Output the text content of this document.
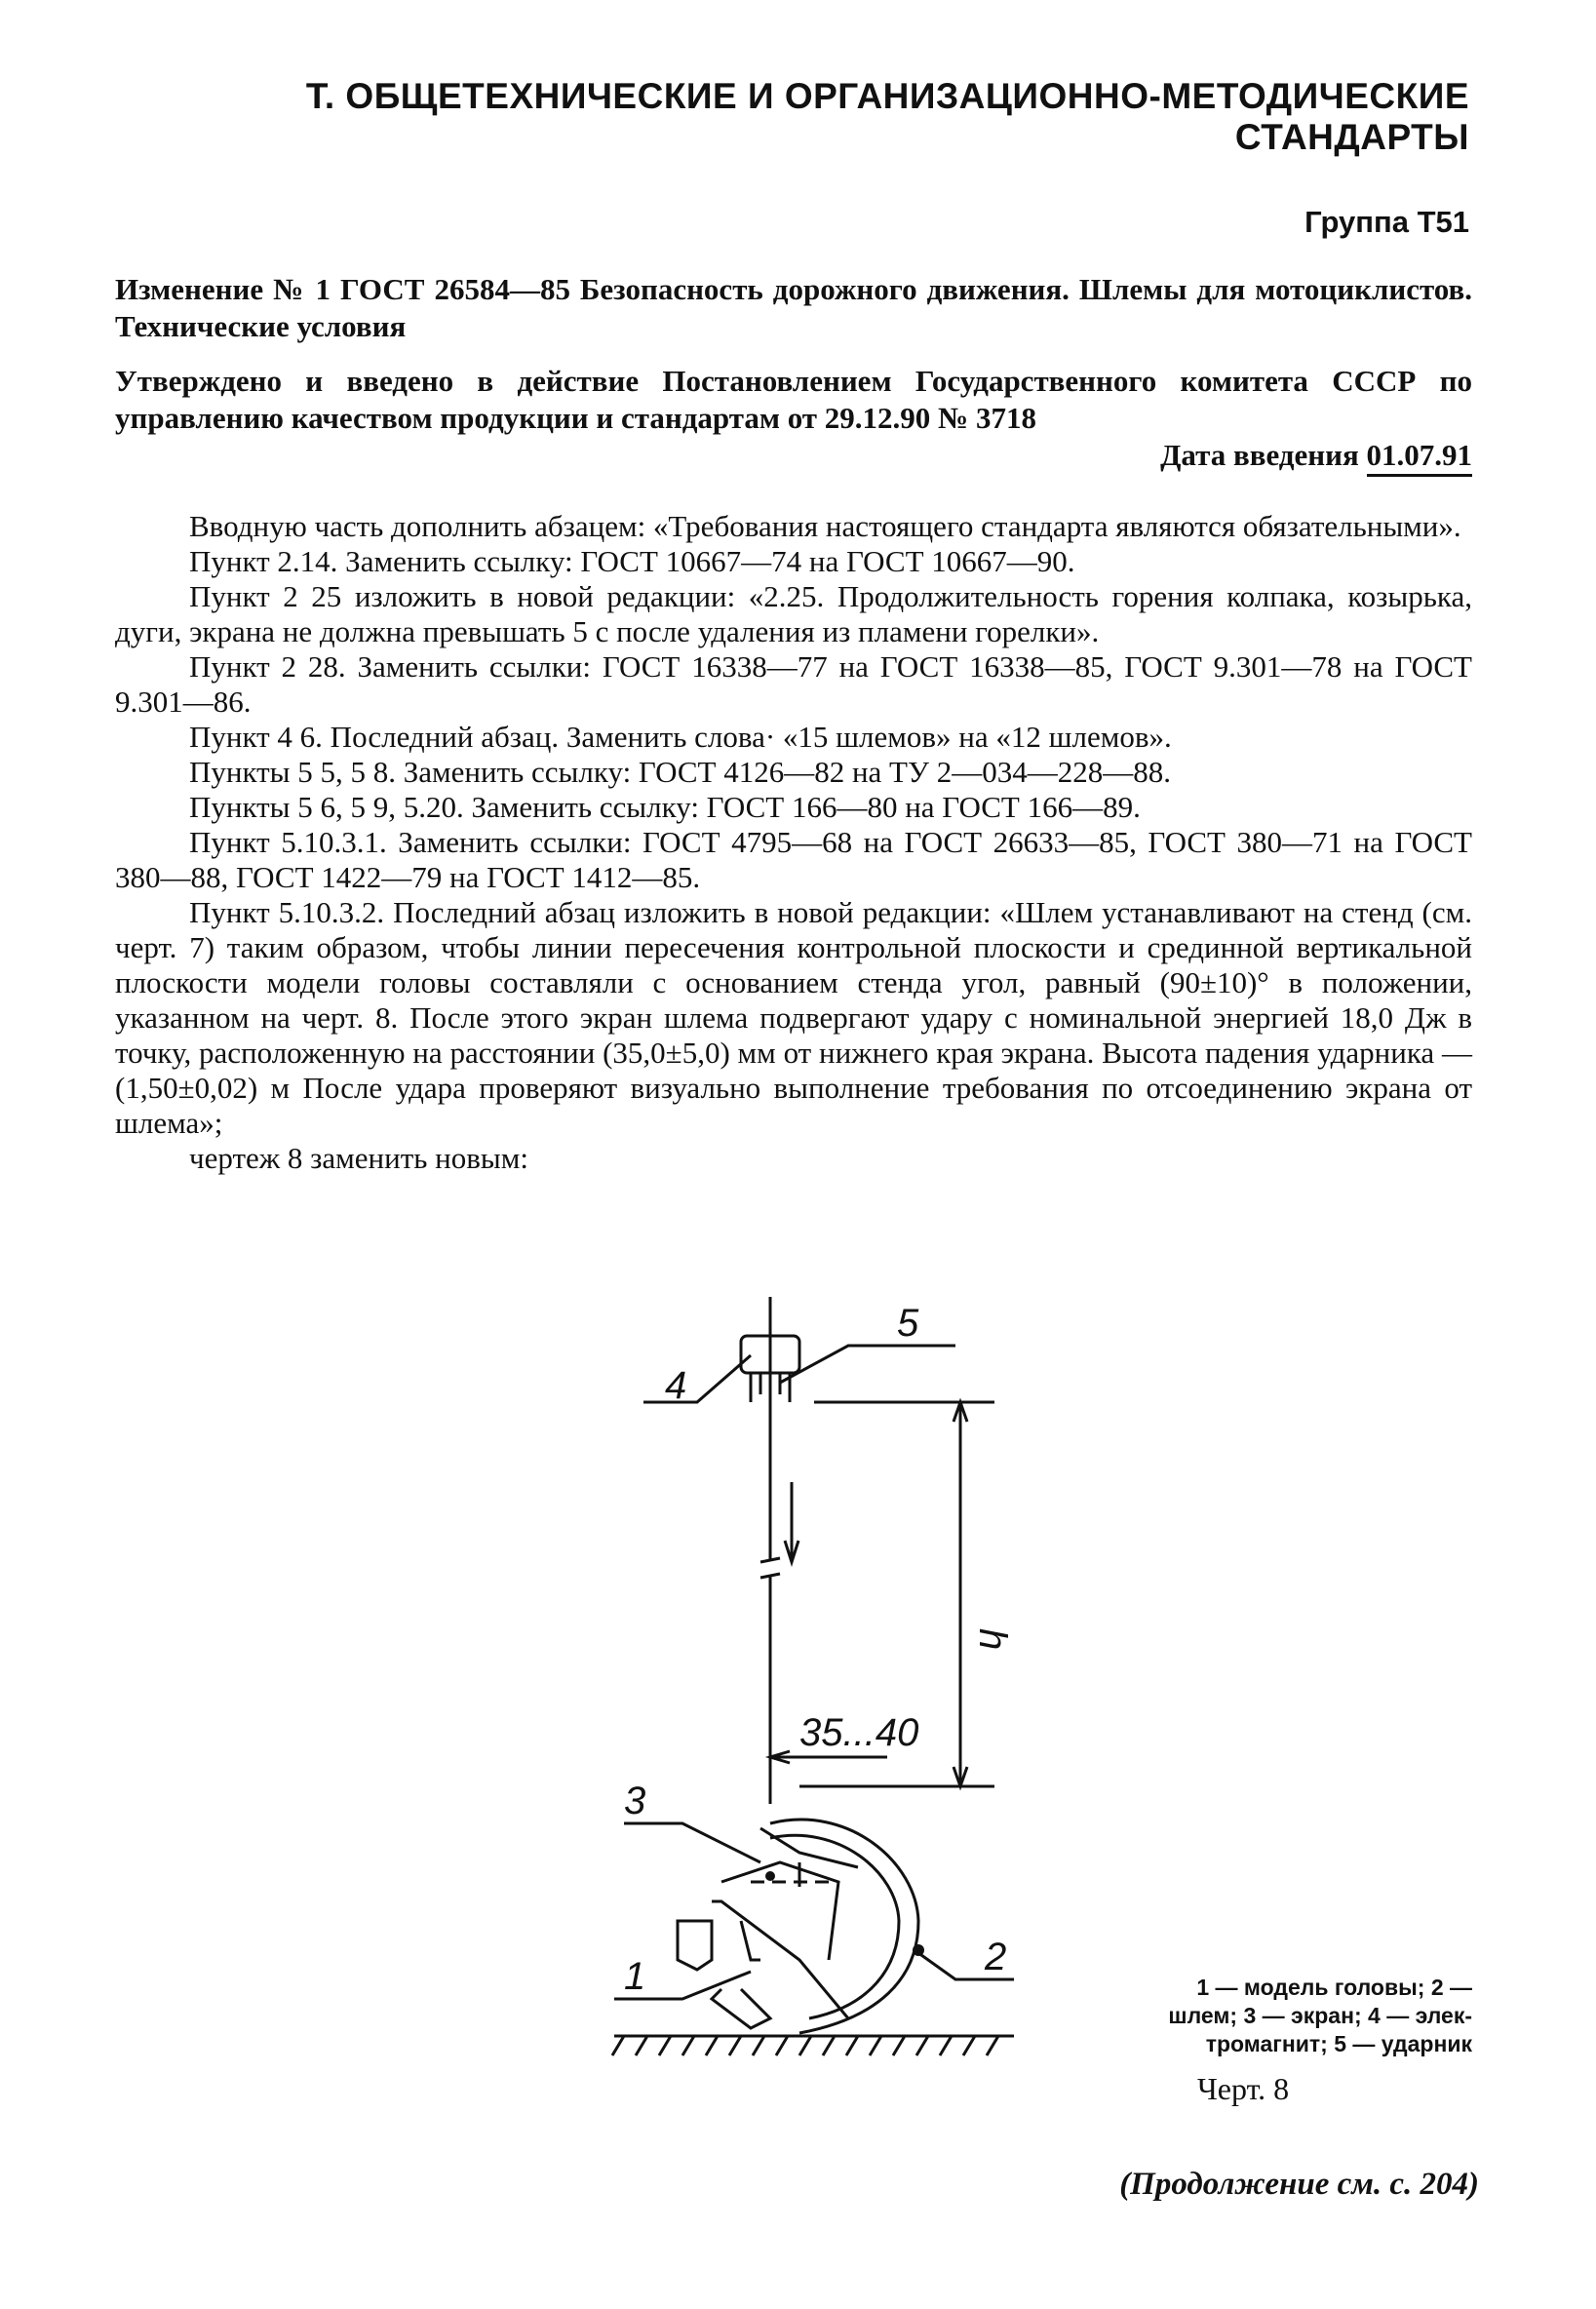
Т. ОБЩЕТЕХНИЧЕСКИЕ И ОРГАНИЗАЦИОННО-МЕТОДИЧЕСКИЕ
СТАНДАРТЫ
Группа Т51

Изменение № 1 ГОСТ 26584—85 Безопасность дорожного движения. Шлемы для мотоциклистов. Технические условия

Утверждено и введено в действие Постановлением Государственного комитета СССР по управлению качеством продукции и стандартам от 29.12.90 № 3718

Дата введения 01.07.91

Вводную часть дополнить абзацем: «Требования настоящего стандарта являются обязательными».

Пункт 2.14. Заменить ссылку: ГОСТ 10667—74 на ГОСТ 10667—90.

Пункт 2 25 изложить в новой редакции: «2.25. Продолжительность горения колпака, козырька, дуги, экрана не должна превышать 5 с после удаления из пламени горелки».

Пункт 2 28. Заменить ссылки: ГОСТ 16338—77 на ГОСТ 16338—85, ГОСТ 9.301—78 на ГОСТ 9.301—86.

Пункт 4 6. Последний абзац. Заменить слова· «15 шлемов» на «12 шлемов».

Пункты 5 5, 5 8. Заменить ссылку: ГОСТ 4126—82 на ТУ 2—034—228—88.

Пункты 5 6, 5 9, 5.20. Заменить ссылку: ГОСТ 166—80 на ГОСТ 166—89.

Пункт 5.10.3.1. Заменить ссылки: ГОСТ 4795—68 на ГОСТ 26633—85, ГОСТ 380—71 на ГОСТ 380—88, ГОСТ 1422—79 на ГОСТ 1412—85.

Пункт 5.10.3.2. Последний абзац изложить в новой редакции: «Шлем устанавливают на стенд (см. черт. 7) таким образом, чтобы линии пересечения контрольной плоскости и срединной вертикальной плоскости модели головы составляли с основанием стенда угол, равный (90±10)° в положении, указанном на черт. 8. После этого экран шлема подвергают удару с номинальной энергией 18,0 Дж в точку, расположенную на расстоянии (35,0±5,0) мм от нижнего края экрана. Высота падения ударника — (1,50±0,02) м После удара проверяют визуально выполнение требования по отсоединению экрана от шлема»;

чертеж 8 заменить новым:

4
5
h
35...40
3
1	2
1 — модель головы; 2 —
шлем; 3 — экран; 4 — элек-
тромагнит; 5 — ударник
Черт. 8
(Продолжение см. с. 204)
